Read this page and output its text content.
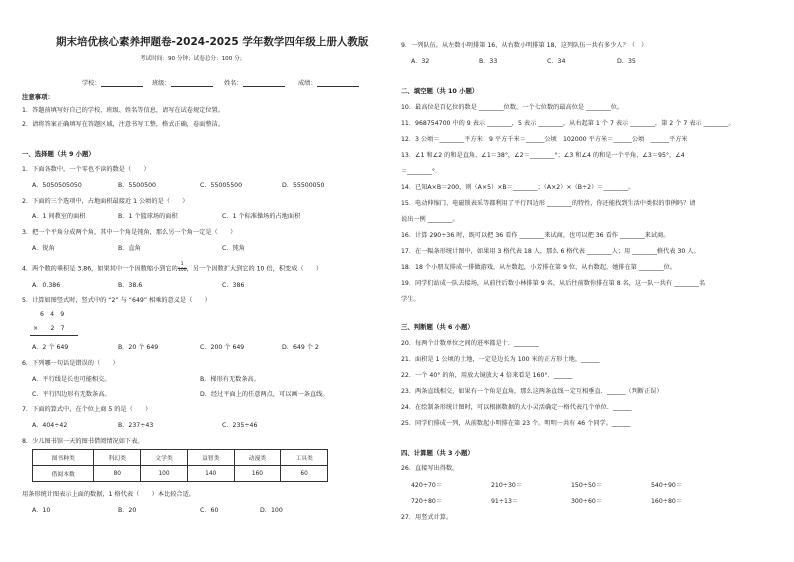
期末培优核心素养押题卷-2024-2025 学年数学四年级上册人教版
考试时间：90 分钟；试卷总分：100 分；
学校：	班级：	姓名：	成绩：
注意事项：
1．答题前填写好自己的学校、班级、姓名等信息，请写在试卷规定位置。
2．请将答案正确填写在答题区域，注意书写工整，格式正确，卷面整洁。
一、选择题（共 9 小题）
1．下面各数中，一个零也不读的数是（　　）
A．5050505050	B．5500500	C．55005500	D．55500050
2．下面的三个选项中，占地面积最接近 1 公顷的是（　　）
A．1 间教室的面积	B．1 个篮球场的面积	C．1 个标准操场的占地面积
3．把一个平角分成两个角，其中一个角是钝角，那么另一个角一定是（　　）
A．锐角	B．直角	C．钝角
4．两个数的乘积是 3.86，如果其中一个因数缩小到它的 $\frac{1}{100}$ ，另一个因数扩大到它的 10 倍，积变成（　　）
A．0.386	B．38.6	C．386
5．计算如图竖式时，竖式中的 “2” 与 “649” 相乘的意义是（　　）
6　4　9
×　　2　7
A．2 个 649	B．20 个 649	C．200 个 649	D．649 个 2
6．下列哪一句话是错误的（　　）
A．平行线是长也可能相交。	B．梯形有无数条高。
C．平行四边形有无数条高。	D．经过平面上的任意两点，可以画一条直线。
7．下面的算式中，在个位上商 5 的是（　　）
A．404÷42	B．237÷43	C．235÷46
8．少儿图书馆一天的图书借阅情况如下表。
图书种类	科幻类	文学类	益智类	动漫类	工具类
借阅本数	80	100	140	160	60
用条形统计图表示上面的数据，1 格代表（　　）本比较合适。
A．10	B．20	C．60	D．100
9．一列队伍，从左数小明排第 16，从右数小明排第 18，这列队伍一共有多少人？（　）
A．32	B．33	C．34	D．35
二、填空题（共 10 小题）
10．最高位是百亿位的数是 ________位数，一个七位数的最高位是 ________位。
11．968754700 中的 9 表示 ________，5 表示 ________，从右起第 1 个 7 表示 ________，第 2 个 7 表示 ________。
12．3 公顷＝________平方米　9 平方千米＝______公顷　102000 平方米＝______公顷　______平方米
13．∠1 和∠2 的和是直角，∠1＝38°，∠2＝________°；∠3 和∠4 的和是一个平角，∠3＝95°，∠4
＝________°．
14．已知A×B＝200，则（A×5）×B＝________；（A×2）×（B÷2）＝________。
15．电动伸缩门、电磁锁表采等都利用了平行四边形 ________的特性，你还能找到生活中类似的事例吗？请
说出一例 ________。
16．计算 290÷36 时，既可以把 36 看作 ________来试商，也可以把 36 看作 ________来试商。
17．在一幅条形统计图中，如果用 3 格代表 18 人，那么 6 格代表 ________人；用 ________格代表 30 人。
18．18 个小朋友排成一排做游戏，从左数起，小芳排在第 9 位，从右数起，她排在第 ________位。
19．同学们站成一队去接场，从前往后数小林排第 9 名，从后往前数你排在第 8 名，这一队一共有 ________名
学生。
三、判断题（共 6 小题）
20．每两个计数单位之间的进率都是十．________
21．面积是 1 公顷的土地，一定是边长为 100 米的正方形土地。______
22．一个 40° 的角，用放大镜放大 4 倍来看是 160°．______
23．两条直线相交，如果有一个角是直角，那么这两条直线一定互相垂直．______（判断正误）
24．在绘制条形统计图时，可以根据数据的大小灵活确定一格代表几个单位．______
25．同学们排成一列，从前数起小明排在第 23 个。明明一共有 46 个同学。______
四、计算题（共 3 小题）
26．直接写出得数。
420÷70＝	210÷30＝	150÷50＝	540÷90＝
720÷80＝	91÷13＝	300÷60＝	160÷80＝
27．用竖式计算。
